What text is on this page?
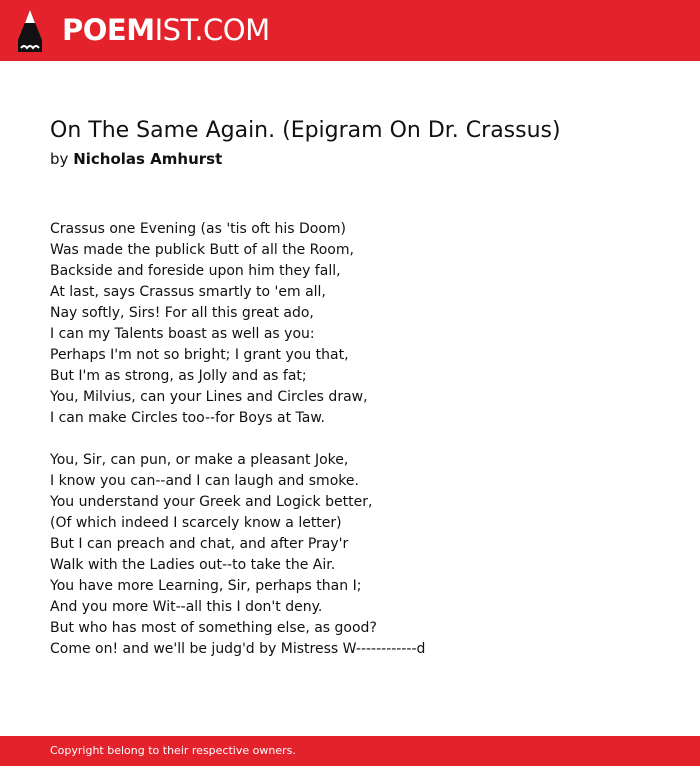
POEMIST.COM
On The Same Again. (Epigram On Dr. Crassus)
by Nicholas Amhurst
Crassus one Evening (as 'tis oft his Doom)
Was made the publick Butt of all the Room,
Backside and foreside upon him they fall,
At last, says Crassus smartly to 'em all,
Nay softly, Sirs! For all this great ado,
I can my Talents boast as well as you:
Perhaps I'm not so bright; I grant you that,
But I'm as strong, as Jolly and as fat;
You, Milvius, can your Lines and Circles draw,
I can make Circles too--for Boys at Taw.
You, Sir, can pun, or make a pleasant Joke,
I know you can--and I can laugh and smoke.
You understand your Greek and Logick better,
(Of which indeed I scarcely know a letter)
But I can preach and chat, and after Pray'r
Walk with the Ladies out--to take the Air.
You have more Learning, Sir, perhaps than I;
And you more Wit--all this I don't deny.
But who has most of something else, as good?
Come on! and we'll be judg'd by Mistress W------------d
Copyright belong to their respective owners.
